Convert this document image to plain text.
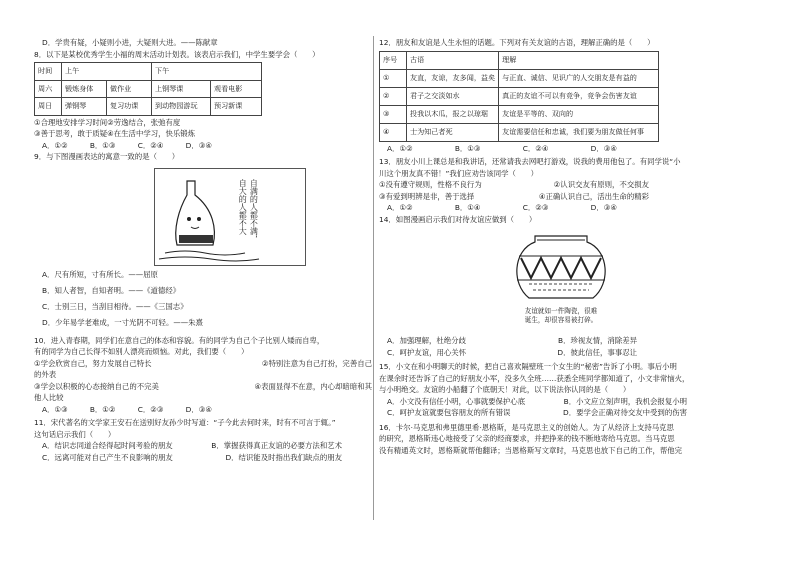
D．学贵有疑，小疑则小进，大疑则大进。——陈献章

8．以下是某校优秀学生小福的周末活动计划表。该表启示我们，中学生要学会（　　）

时间	上午		下午	
周六	锻炼身体	做作业	上钢琴课	观看电影
周日	弹钢琴	复习功课	到动物园游玩	预习新课

①合理地安排学习时间②劳逸结合，张弛有度

③善于思考，敢于质疑④在生活中学习，快乐锻炼

A．①②	B．①③	C．②④	D．③④

9．与下图漫画表达的寓意一致的是（　　）

自满的人都不满，自大的人都不大

A．尺有所短，寸有所长。——屈原

B．知人者智，自知者明。——《道德经》

C．士别三日，当刮目相待。——《三国志》

D．少年易学老难成，一寸光阴不可轻。——朱熹

10．进入青春期，同学们在意自己的体态和容貌。有的同学为自己个子比别人矮而自卑，

有的同学为自己长得不如别人漂亮而烦恼。对此，我们要（　　）

①学会欣赏自己，努力发展自己特长	②特别注意为自己打扮，完善自己

的外表

③学会以积极的心态接纳自己的不完美	④表面显得不在意，内心却暗暗和其

他人比较

A．①③	B．①②	C．②③	D．③④

11．宋代著名的文学家王安石在送别好友孙少时写道：“子今此去何时来，时有不可言于辄。”

这句话启示我们（　　）

A．结识志同道合经得起时间考验的朋友	B．掌握获得真正友谊的必要方法和艺术
C．远离可能对自己产生不良影响的朋友	D．结识能及时指出我们缺点的朋友

12．朋友和友谊是人生永恒的话题。下列对有关友谊的古语，理解正确的是（　　）

序号	古语	理解
①	友直，友谅，友多闻，益矣	与正直、诚信、见识广的人交朋友是有益的
②	君子之交淡如水	真正的友谊不可以有竞争，竞争会伤害友谊
③	投我以木瓜，报之以琼琚	友谊是平等的、双向的
④	士为知己者死	友谊需要信任和忠诚，我们要为朋友做任何事
A．①②	B．①③	C．②④	D．③④

13．朋友小川上课总是和我讲话，还常请我去网吧打游戏，说我的费用他包了。有同学说“小

川这个朋友真不错！”我们应劝告该同学（　　）

①没有遵守规则，性格不良行为	②认识交友有原则，不交损友
③有爱到明辨是非，善于选择	④正确认识自己，活出生命的精彩
A．①②	B．①④	C．②③	D．③④

14．如图漫画启示我们对待友谊应做到（　　）

友谊就如一件陶瓷，很难

诞生，却很容易被打碎。

A．加强理解，杜绝分歧	B．珍视友情，消除差异
C．呵护友谊，用心关怀	D．彼此信任，事事忍让

15．小文在和小明聊天的时候，把自己喜欢隔壁班一个女生的“秘密”告诉了小明。事后小明

在课余时还告诉了自己的好朋友小军，没多久全班……获悉全班同学都知道了，小文非常恼火，

与小明绝交。友谊的小船翻了个底朝天！对此，以下说法你认同的是（　　）

A．小文没有信任小明，心事就要保护心底	B．小文应立刻声明，我机会报复小明
C．呵护友谊就要包容朋友的所有错误	D．要学会正确对待交友中受到的伤害

16．卡尔·马克思和弗里德里希·恩格斯，是马克思主义的创始人。为了从经济上支持马克思

的研究，恩格斯违心地接受了父亲的经商要求，并把挣来的钱不断地寄给马克思。当马克思

没有精通英文时，恩格斯就帮他翻译；当恩格斯写文章时，马克思也放下自己的工作，帮他完
